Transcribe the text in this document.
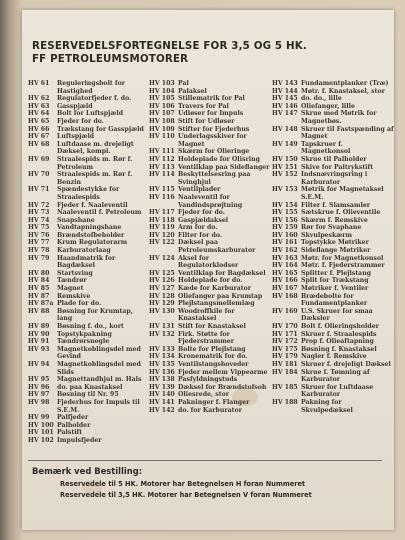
RESERVEDELSFORTEGNELSE FOR 3,5 OG 5 HK.
FF PETROLEUMSMOTORER
HV 61	Reguleringsbolt for Hastighed
HV 62	Regulatorfjeder f. do.
HV 63	Gasspjæld
HV 64	Bolt for Luftspjæld
HV 65	Fjeder for do.
HV 66	Trækstang for Gasspjæld
HV 67	Luftspjæld
HV 68	Luftdaase m. drejeligt Dæksel, kompl.
HV 69	Straalespids m. Rør f. Petroleum
HV 70	Straalespids m. Rør f. Benzin
HV 71	Spændestykke for Straalespids
HV 72	Fjeder f. Naaleventil
HV 73	Naaleventil f. Petroleum
HV 74	Snapshane
HV 75	Vandtapningshane
HV 76	Brændstofbeholder
HV 77	Krum Regulatorarm
HV 78	Karburatorlaag
HV 79	Haandmatrik for Bagdæksel
HV 80	Startsving
HV 84	Tændrør
HV 85	Magnet
HV 87	Remskive
HV 87a Plade for do.
HV 88	Bøsning for Krumtap, lang
HV 89	Bøsning f. do., kort
HV 90	Topstykpakning
HV 91	Tændrørsnegle
HV 93	Magnetkoblingsdel med Gevind
HV 94	Magnetkoblingsdel med Slids
HV 95	Magnettandhjul m. Hals
HV 96	do. paa Knastaksel
HV 97	Bøsning til Nr. 95
HV 98	Fjederhus for Impuls til S.E.M.
HV 99	Palfjeder
HV 100 Palholder
HV 101 Palstift
HV 102 Impulsfjeder
HV 103 Pal
HV 104 Palaksel
HV 105 Stillematrik for Pal
HV 106 Travers for Pal
HV 107 Udløser for Impuls
HV 108 Stift for Udløser
HV 109 Stifter for Fjederhus
HV 110 Underlagsskiver for Magnet
HV 111 Skærm for Olieringe
HV 112 Holdeplade for Olisring
HV 113 Ventilklap paa Sideflanger
HV 114 Beskyttelsesring paa Svinghjul
HV 115 Ventilplader
HV 116 Naaleventil for Vandindsprøjtning
HV 117 Fjeder for do.
HV 118 Gaspjældaksel
HV 119 Arm for do.
HV 120 Filter for do.
HV 122 Dæksel paa Petroleumskarburator
HV 124 Aksel for Regulatorklodser
HV 125 Ventilklap for Bagdæksel
HV 126 Holdeplade for do.
HV 127 Kæde for Karburator
HV 128 Oliefanger paa Krumtap
HV 129 Plejlstangsmellemlæg
HV 130 Woodroffkile for Knastaksel
HV 131 Stift for Knastaksel
HV 132 Firk. Støtte for Fjederstrammer
HV 133 Bolte for Plejlstang
HV 134 Kronematrik for do.
HV 135 Ventilstangshoveder
HV 136 Fjeder mellem Vippearme
HV 138 Pasfyldningstuds
HV 139 Dæksel for Brændstofsoh
HV 140 Oliesrede, stor
HV 141 Pakninger f. Flanger
HV 142 do. for Karburator
HV 143 Fundamentplanker (Træ)
HV 144 Møtr. f. Knastaksel, stor
HV 145 do. do., lille
HV 146 Oliefanger, lille
HV 147 Skrue med Møtrik for Magnetbøs.
HV 148 Skruer til Fastspænding af Magnet
HV 149 Tapskruer f. Magnetkonsol
HV 150 Skrue til Palholder
HV 151 Skive for Paltrykstift
HV 152 Indsnævringsring i Karburator
HV 153 Møtrik for Magnetaksel S.E.M.
HV 154 Filter f. Slamsamler
HV 155 Sætskrue f. Olieventile
HV 156 Skærm f. Remskive
HV 159 Rør for Svaphane
HV 160 Skvulpeskærm
HV 161 Topstykke Møtriker
HV 162 Sideflange Møtriker
HV 163 Møtr. for Magnetkonsol
HV 164 Møtr. f. Fjederstrammer
HV 165 Splitter f. Plejlstang
HV 166 Split for Trækstang
HV 167 Møtriker f. Ventiler
HV 168 Brædebolte for Fundamentplanker
HV 169 U.S. Skruer for smaa Dæksler
HV 170 Bolt f. Olieringsholder
HV 171 Skruer f. Straalespids
HV 172 Prop f. Olieaftapning
HV 175 Bøsning f. Knastaksel
HV 179 Nagler f. Remskive
HV 181 Skruer f. drejeligt Dæksel
HV 184 Skrue f. Tømning af Karburator
HV 185 Skruer for Luftdaase Karburator
HV 188 Pakning for Skvulpedæksel
Bemærk ved Bestilling:
Reservedele til 5 HK. Motorer har Betegnelsen H foran Nummeret
Reservedele til 3,5 HK. Motorer har Betegnelsen V foran Nummeret
